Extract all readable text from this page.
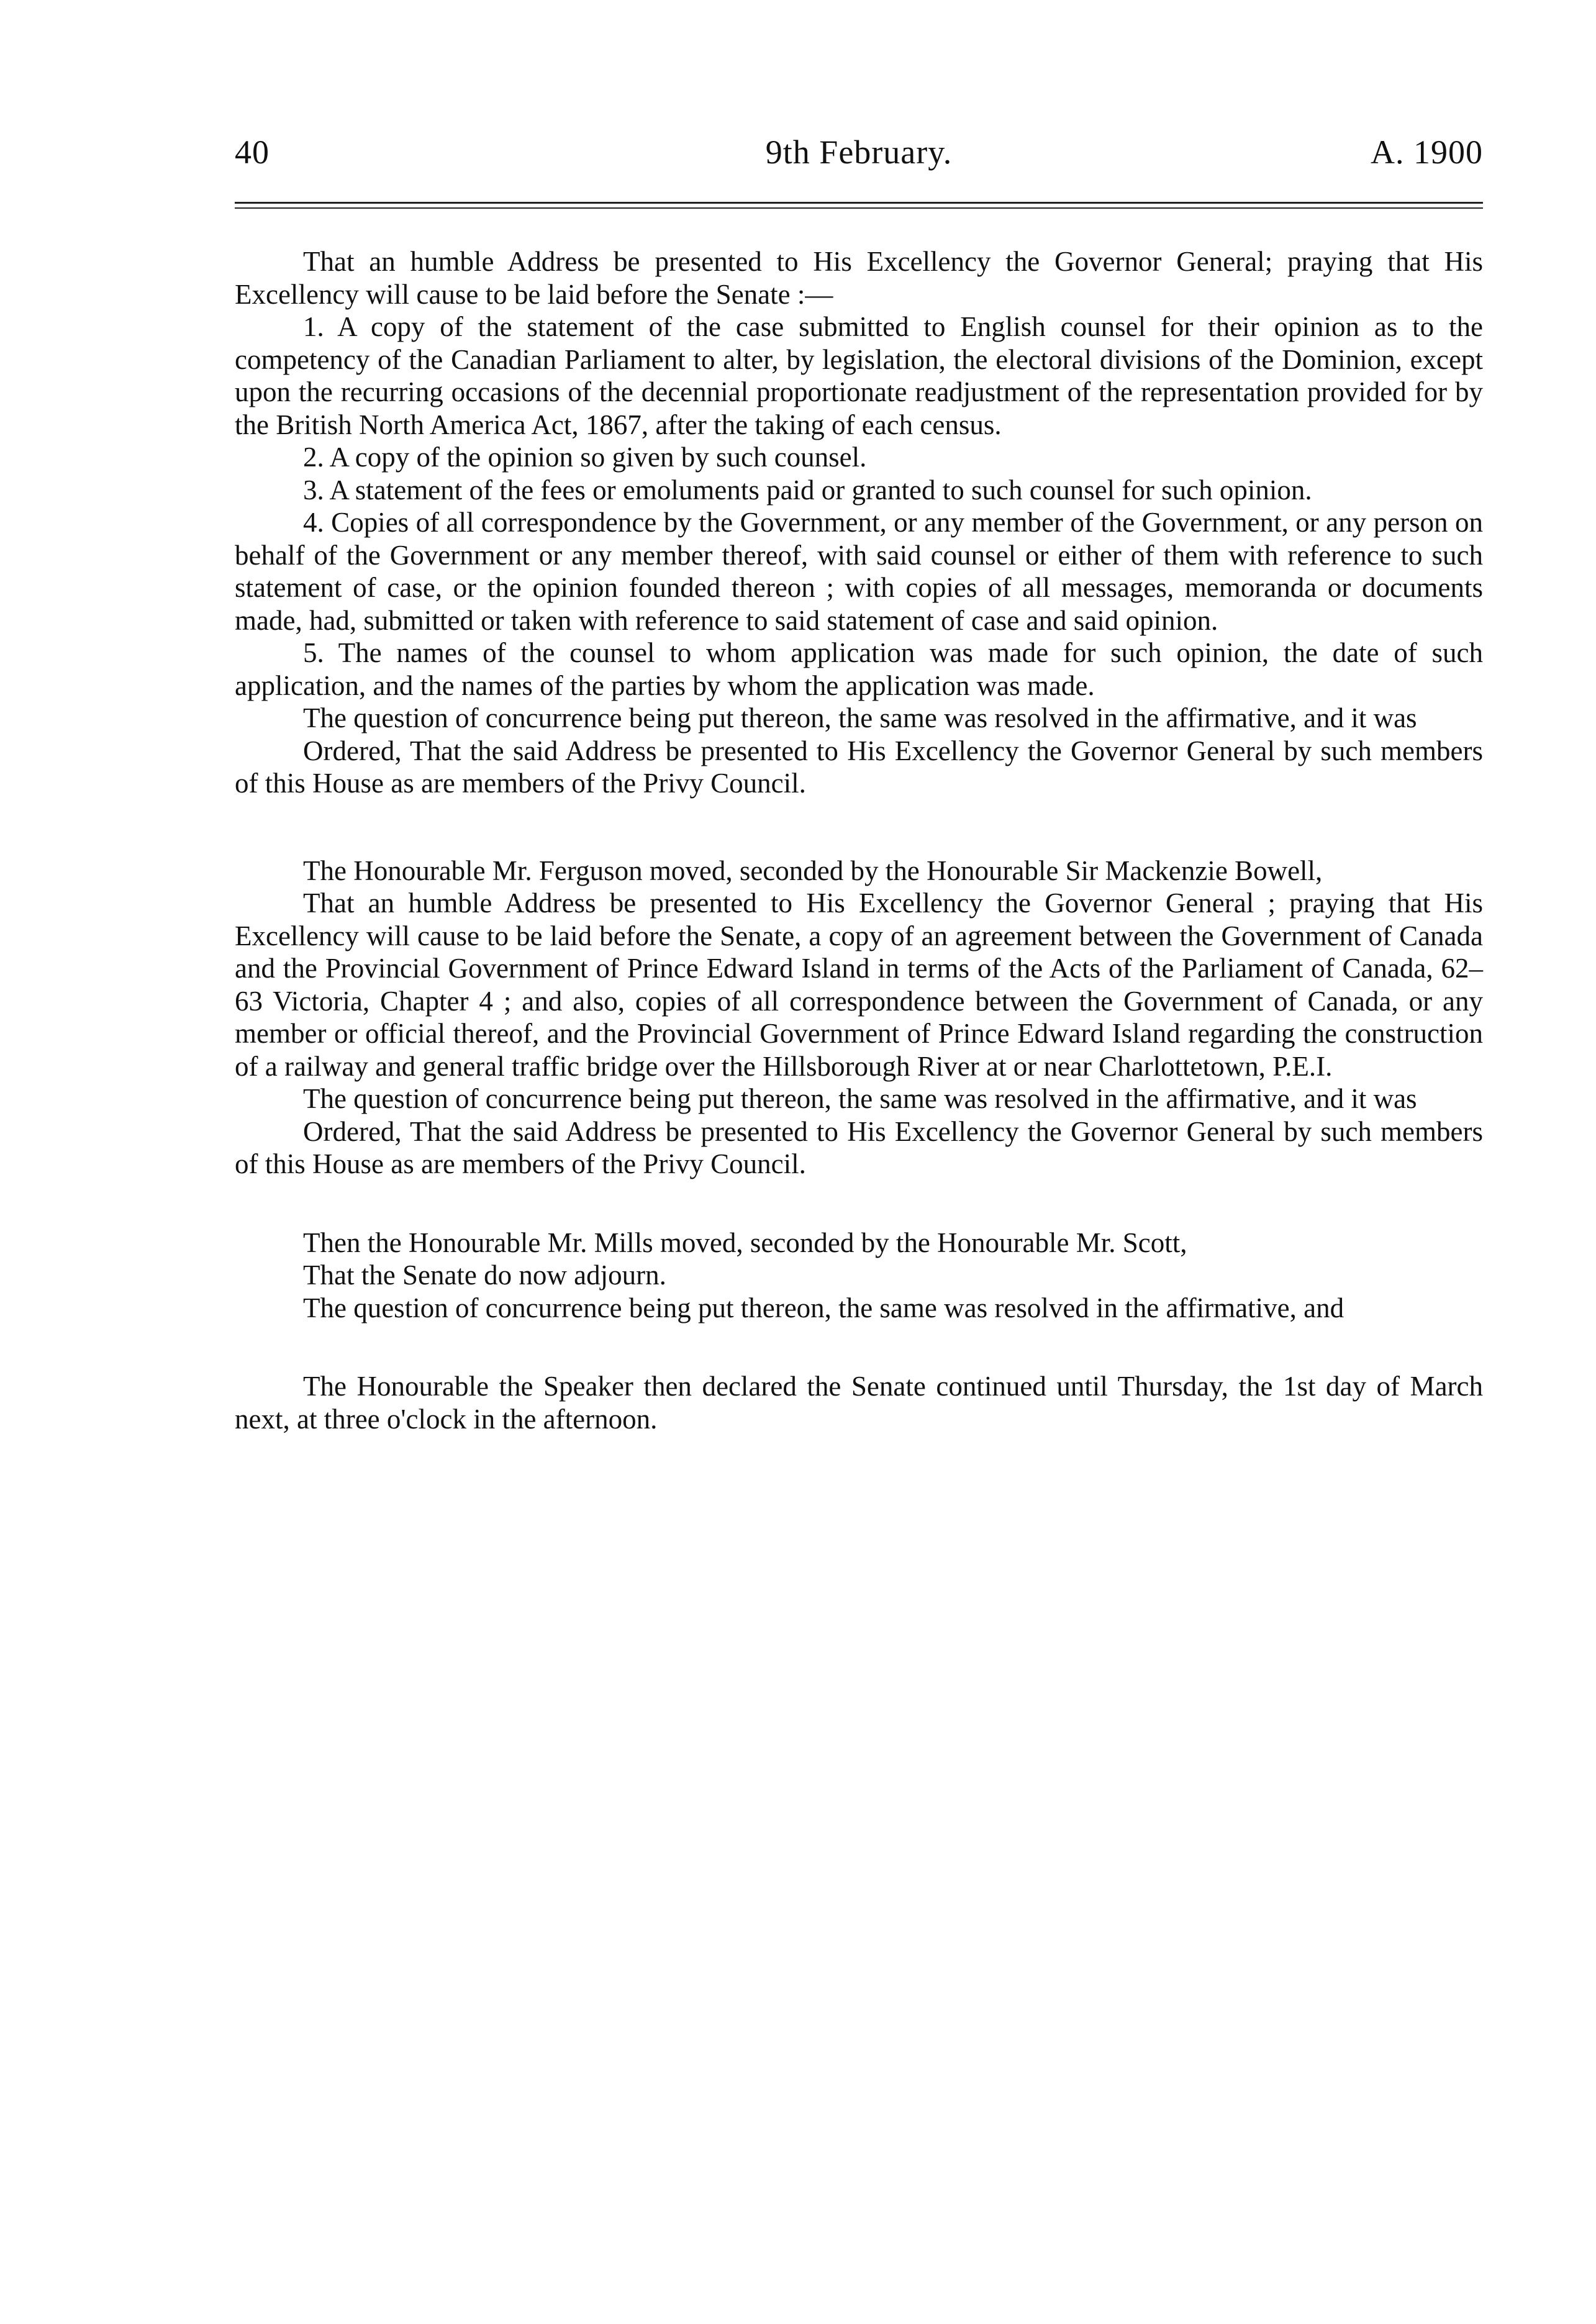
40	9th February.	A. 1900

That an humble Address be presented to His Excellency the Governor General; praying that His Excellency will cause to be laid before the Senate :—

1. A copy of the statement of the case submitted to English counsel for their opinion as to the competency of the Canadian Parliament to alter, by legislation, the electoral divisions of the Dominion, except upon the recurring occasions of the decennial proportionate readjustment of the representation provided for by the British North America Act, 1867, after the taking of each census.

2. A copy of the opinion so given by such counsel.

3. A statement of the fees or emoluments paid or granted to such counsel for such opinion.

4. Copies of all correspondence by the Government, or any member of the Government, or any person on behalf of the Government or any member thereof, with said counsel or either of them with reference to such statement of case, or the opinion founded thereon ; with copies of all messages, memoranda or documents made, had, submitted or taken with reference to said statement of case and said opinion.

5. The names of the counsel to whom application was made for such opinion, the date of such application, and the names of the parties by whom the application was made.

The question of concurrence being put thereon, the same was resolved in the affirmative, and it was

Ordered, That the said Address be presented to His Excellency the Governor General by such members of this House as are members of the Privy Council.

The Honourable Mr. Ferguson moved, seconded by the Honourable Sir Mackenzie Bowell,

That an humble Address be presented to His Excellency the Governor General ; praying that His Excellency will cause to be laid before the Senate, a copy of an agreement between the Government of Canada and the Provincial Government of Prince Edward Island in terms of the Acts of the Parliament of Canada, 62–63 Victoria, Chapter 4 ; and also, copies of all correspondence between the Government of Canada, or any member or official thereof, and the Provincial Government of Prince Edward Island regarding the construction of a railway and general traffic bridge over the Hillsborough River at or near Charlottetown, P.E.I.

The question of concurrence being put thereon, the same was resolved in the affirmative, and it was

Ordered, That the said Address be presented to His Excellency the Governor General by such members of this House as are members of the Privy Council.

Then the Honourable Mr. Mills moved, seconded by the Honourable Mr. Scott,

That the Senate do now adjourn.

The question of concurrence being put thereon, the same was resolved in the affirmative, and

The Honourable the Speaker then declared the Senate continued until Thursday, the 1st day of March next, at three o'clock in the afternoon.
